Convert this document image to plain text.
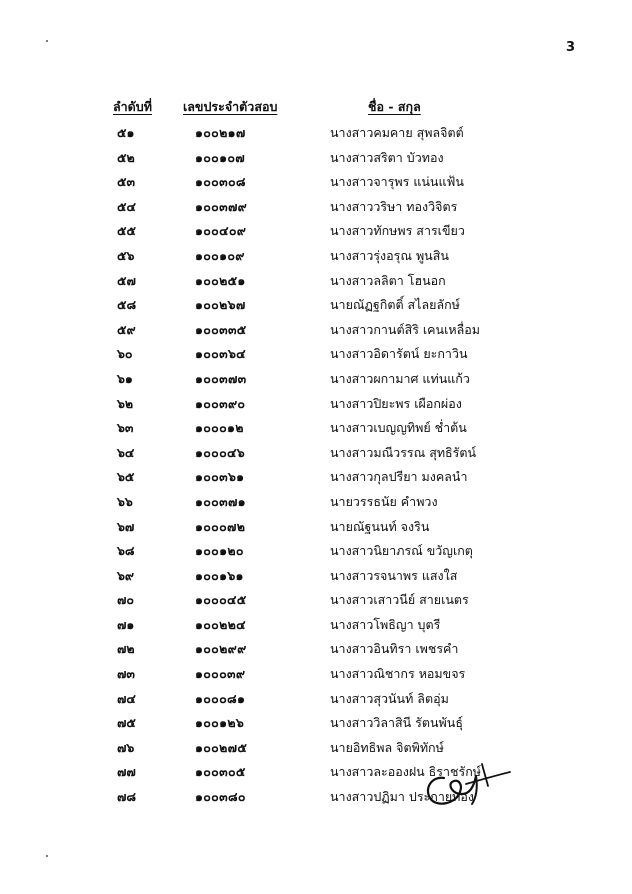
3
ลำดับที่ เลขประจำตัวสอบ	ชื่อ - สกุล
๕๑	๑๐๐๒๑๗	นางสาวคมคาย สุพลจิตต์
๕๒	๑๐๐๑๐๗	นางสาวสริตา บัวทอง
๕๓	๑๐๐๓๐๘	นางสาวจารุพร แน่นแฟ้น
๕๔	๑๐๐๓๗๙	นางสาววริษา ทองวิจิตร
๕๕	๑๐๐๔๐๙	นางสาวทักษพร สารเขียว
๕๖	๑๐๐๑๐๙	นางสาวรุ่งอรุณ พูนสิน
๕๗	๑๐๐๒๕๑	นางสาวลลิตา โฮนอก
๕๘	๑๐๐๒๖๗	นายณัฏฐกิตติ์ สไลยลักษ์
๕๙	๑๐๐๓๓๕	นางสาวกานต์สิริ เคนเหลื่อม
๖๐	๑๐๐๓๖๔	นางสาวอิดารัตน์ ยะกาวิน
๖๑	๑๐๐๓๗๓	นางสาวผกามาศ แท่นแก้ว
๖๒	๑๐๐๓๙๐	นางสาวปิยะพร เผือกผ่อง
๖๓	๑๐๐๐๑๒	นางสาวเบญญทิพย์ ช่ำต้น
๖๔	๑๐๐๐๔๖	นางสาวมณีวรรณ สุทธิรัตน์
๖๕	๑๐๐๓๖๑	นางสาวกุลปรียา มงคลนำ
๖๖	๑๐๐๓๗๑	นายวรรธนัย คำพวง
๖๗	๑๐๐๐๗๒	นายณัฐนนท์ จงริน
๖๘	๑๐๐๑๒๐	นางสาวนิยาภรณ์ ขวัญเกตุ
๖๙	๑๐๐๑๖๑	นางสาวรจนาพร แสงใส
๗๐	๑๐๐๐๔๕	นางสาวเสาวนีย์ สายเนตร
๗๑	๑๐๐๒๒๔	นางสาวโพธิญา บุตรี
๗๒	๑๐๐๒๙๙	นางสาวอินทิรา เพชรคำ
๗๓	๑๐๐๐๓๙	นางสาวณิชากร หอมขจร
๗๔	๑๐๐๐๘๑	นางสาวสุวนันท์ ลิตอุ่ม
๗๕	๑๐๐๑๒๖	นางสาววิลาสินี รัตนพันธุ์
๗๖	๑๐๐๒๗๕	นายอิทธิพล จิตพิทักษ์
๗๗	๑๐๐๓๐๕	นางสาวละอองฝน ธิราชรักษ์
๗๘	๑๐๐๓๘๐	นางสาวปฏิมา ประกายทอง
